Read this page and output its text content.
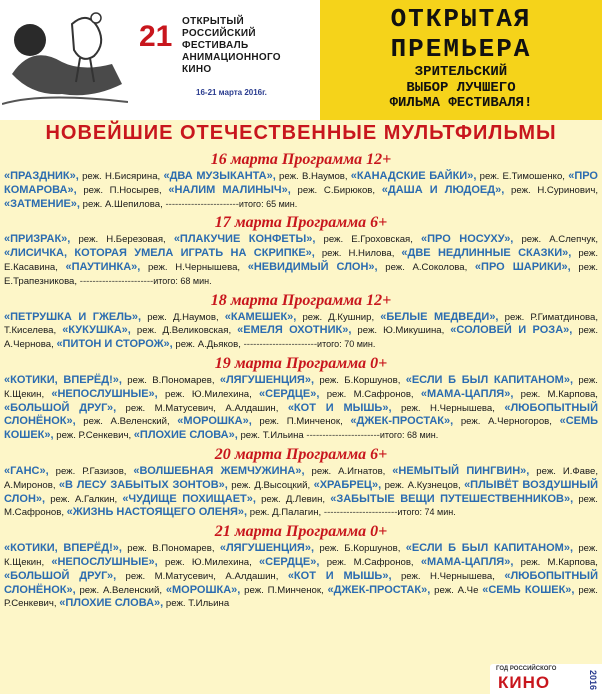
21 ОТКРЫТЫЙ РОССИЙСКИЙ ФЕСТИВАЛЬ АНИМАЦИОННОГО КИНО
16-21 марта 2016г.
ОТКРЫТАЯ
ПРЕМЬЕРА
ЗРИТЕЛЬСКИЙ
ВЫБОР ЛУЧШЕГО
ФИЛЬМА ФЕСТИВАЛЯ!
НОВЕЙШИЕ ОТЕЧЕСТВЕННЫЕ МУЛЬТФИЛЬМЫ
16 марта Программа 12+
«ПРАЗДНИК», реж. Н.Бисярина, «ДВА МУЗЫКАНТА», реж. В.Наумов, «КАНАДСКИЕ БАЙКИ», реж. Е.Тимошенко, «ПРО КОМАРОВА», реж. П.Носырев, «НАЛИМ МАЛИНЫЧ», реж. С.Бирюков, «ДАША И ЛЮДОЕД», реж. Н.Суринович, «ЗАТМЕНИЕ», реж. А.Шепилова, -----------------------итого: 65 мин.
17 марта Программа 6+
«ПРИЗРАК», реж. Н.Березовая, «ПЛАКУЧИЕ КОНФЕТЫ», реж. Е.Гроховская, «ПРО НОСУХУ», реж. А.Слепчук, «ЛИСИЧКА, КОТОРАЯ УМЕЛА ИГРАТЬ НА СКРИПКЕ», реж. Н.Нилова, «ДВЕ НЕДЛИННЫЕ СКАЗКИ», реж. Е.Касавина, «ПАУТИНКА», реж. Н.Чернышева, «НЕВИДИМЫЙ СЛОН», реж. А.Соколова, «ПРО ШАРИКИ», реж. Е.Трапезникова, -----------------------итого: 68 мин.
18 марта Программа 12+
«ПЕТРУШКА И ГЖЕЛЬ», реж. Д.Наумов, «КАМЕШЕК», реж. Д.Кушнир, «БЕЛЫЕ МЕДВЕДИ», реж. Р.Гиматдинова, Т.Киселева, «КУКУШКА», реж. Д.Великовская, «ЕМЕЛЯ ОХОТНИК», реж. Ю.Микушина, «СОЛОВЕЙ И РОЗА», реж. А.Чернова, «ПИТОН И СТОРОЖ», реж. А.Дьяков, -----------------------итого: 70 мин.
19 марта Программа 0+
«КОТИКИ, ВПЕРЁД!», реж. В.Пономарев, «ЛЯГУШЕНЦИЯ», реж. Б.Коршунов, «ЕСЛИ Б БЫЛ КАПИТАНОМ», реж. К.Щекин, «НЕПОСЛУШНЫЕ», реж. Ю.Милехина, «СЕРДЦЕ», реж. М.Сафронов, «МАМА-ЦАПЛЯ», реж. М.Карпова, «БОЛЬШОЙ ДРУГ», реж. М.Матусевич, А.Алдашин, «КОТ И МЫШЬ», реж. Н.Чернышева, «ЛЮБОПЫТНЫЙ СЛОНЁНОК», реж. А.Веленский, «МОРОШКА», реж. П.Минченок, «ДЖЕК-ПРОСТАК», реж. А.Черногоров, «СЕМЬ КОШЕК», реж. Р.Сенкевич, «ПЛОХИЕ СЛОВА», реж. Т.Ильина -----------------------итого: 68 мин.
20 марта Программа 6+
«ГАНС», реж. Р.Газизов, «ВОЛШЕБНАЯ ЖЕМЧУЖИНА», реж. А.Игнатов, «НЕМЫТЫЙ ПИНГВИН», реж. И.Фаве, А.Миронов, «В ЛЕСУ ЗАБЫТЫХ ЗОНТОВ», реж. Д.Высоцкий, «ХРАБРЕЦ», реж. А.Кузнецов, «ПЛЫВЁТ ВОЗДУШНЫЙ СЛОН», реж. А.Галкин, «ЧУДИЩЕ ПОХИЩАЕТ», реж. Д.Левин, «ЗАБЫТЫЕ ВЕЩИ ПУТЕШЕСТВЕННИКОВ», реж. М.Сафронов, «ЖИЗНЬ НАСТОЯЩЕГО ОЛЕНЯ», реж. Д.Палагин, -----------------------итого: 74 мин.
21 марта Программа 0+
«КОТИКИ, ВПЕРЁД!», реж. В.Пономарев, «ЛЯГУШЕНЦИЯ», реж. Б.Коршунов, «ЕСЛИ Б БЫЛ КАПИТАНОМ», реж. К.Щекин, «НЕПОСЛУШНЫЕ», реж. Ю.Милехина, «СЕРДЦЕ», реж. М.Сафронов, «МАМА-ЦАПЛЯ», реж. М.Карпова, «БОЛЬШОЙ ДРУГ», реж. М.Матусевич, А.Алдашин, «КОТ И МЫШЬ», реж. Н.Чернышева, «ЛЮБОПЫТНЫЙ СЛОНЁНОК», реж. А.Веленский, «МОРОШКА», реж. П.Минченок, «ДЖЕК-ПРОСТАК», реж. А.Че «СЕМЬ КОШЕК», реж. Р.Сенкевич, «ПЛОХИЕ СЛОВА», реж. Т.Ильина
ГОД РОССИЙСКОГО
КИНО	2016
